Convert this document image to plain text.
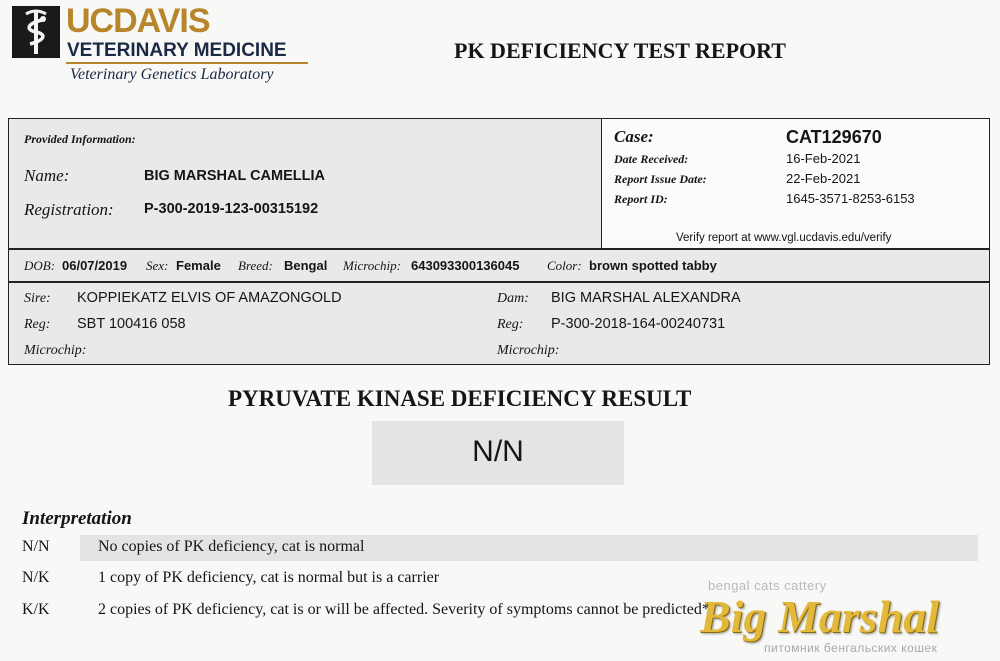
UCDAVIS
VETERINARY MEDICINE
Veterinary Genetics Laboratory
PK DEFICIENCY TEST REPORT
Provided Information:
Name:	BIG MARSHAL CAMELLIA
Registration: P-300-2019-123-00315192
Case:	CAT129670
Date Received:	16-Feb-2021
Report Issue Date:	22-Feb-2021
Report ID:	1645-3571-8253-6153
Verify report at www.vgl.ucdavis.edu/verify
DOB: 06/07/2019 Sex: Female Breed: Bengal Microchip: 643093300136045 Color: brown spotted tabby
Sire: KOPPIEKATZ ELVIS OF AMAZONGOLD
Reg: SBT 100416 058
Microchip:
Dam: BIG MARSHAL ALEXANDRA
Reg: P-300-2018-164-00240731
Microchip:
PYRUVATE KINASE DEFICIENCY RESULT
N/N
Interpretation
N/N	No copies of PK deficiency, cat is normal
N/K	1 copy of PK deficiency, cat is normal but is a carrier
K/K	2 copies of PK deficiency, cat is or will be affected. Severity of symptoms cannot be predicted*
bengal cats cattery
Big Marshal
питомник бенгальских кошек
